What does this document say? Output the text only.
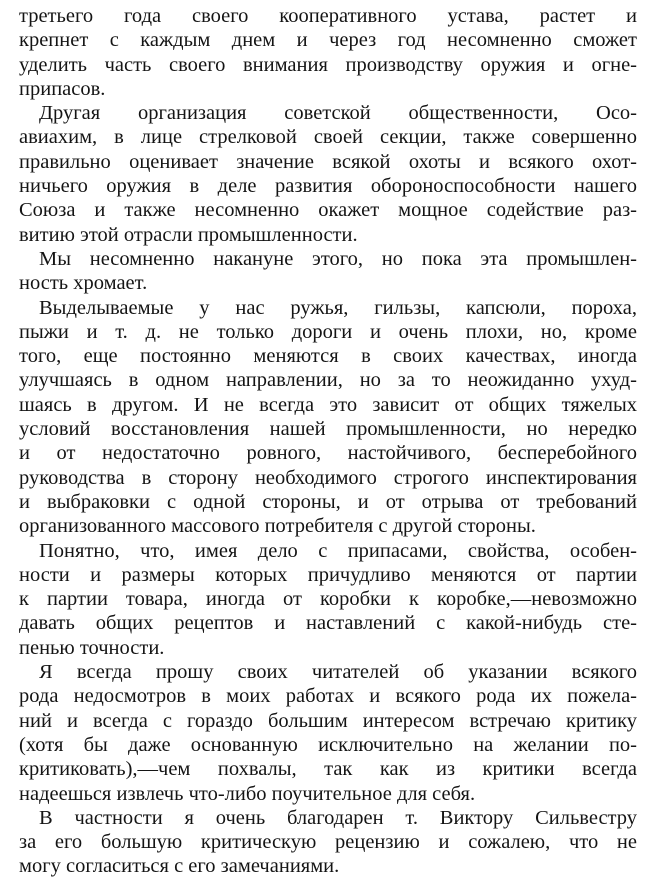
третьего года своего кооперативного устава, растет и
крепнет с каждым днем и через год несомненно сможет
уделить часть своего внимания производству оружия и огне-
припасов.
Другая организация советской общественности, Осо-
авиахим, в лице стрелковой своей секции, также совершенно
правильно оценивает значение всякой охоты и всякого охот-
ничьего оружия в деле развития обороноспособности нашего
Союза и также несомненно окажет мощное содействие раз-
витию этой отрасли промышленности.
Мы несомненно накануне этого, но пока эта промышлен-
ность хромает.
Выделываемые у нас ружья, гильзы, капсюли, пороха,
пыжи и т. д. не только дороги и очень плохи, но, кроме
того, еще постоянно меняются в своих качествах, иногда
улучшаясь в одном направлении, но за то неожиданно ухуд-
шаясь в другом. И не всегда это зависит от общих тяжелых
условий восстановления нашей промышленности, но нередко
и от недостаточно ровного, настойчивого, бесперебойного
руководства в сторону необходимого строгого инспектирования
и выбраковки с одной стороны, и от отрыва от требований
организованного массового потребителя с другой стороны.
Понятно, что, имея дело с припасами, свойства, особен-
ности и размеры которых причудливо меняются от партии
к партии товара, иногда от коробки к коробке,—невозможно
давать общих рецептов и наставлений с какой-нибудь сте-
пенью точности.
Я всегда прошу своих читателей об указании всякого
рода недосмотров в моих работах и всякого рода их пожела-
ний и всегда с гораздо большим интересом встречаю критику
(хотя бы даже основанную исключительно на желании по-
критиковать),—чем похвалы, так как из критики всегда
надеешься извлечь что-либо поучительное для себя.
В частности я очень благодарен т. Виктору Сильвестру
за его большую критическую рецензию и сожалею, что не
могу согласиться с его замечаниями.
